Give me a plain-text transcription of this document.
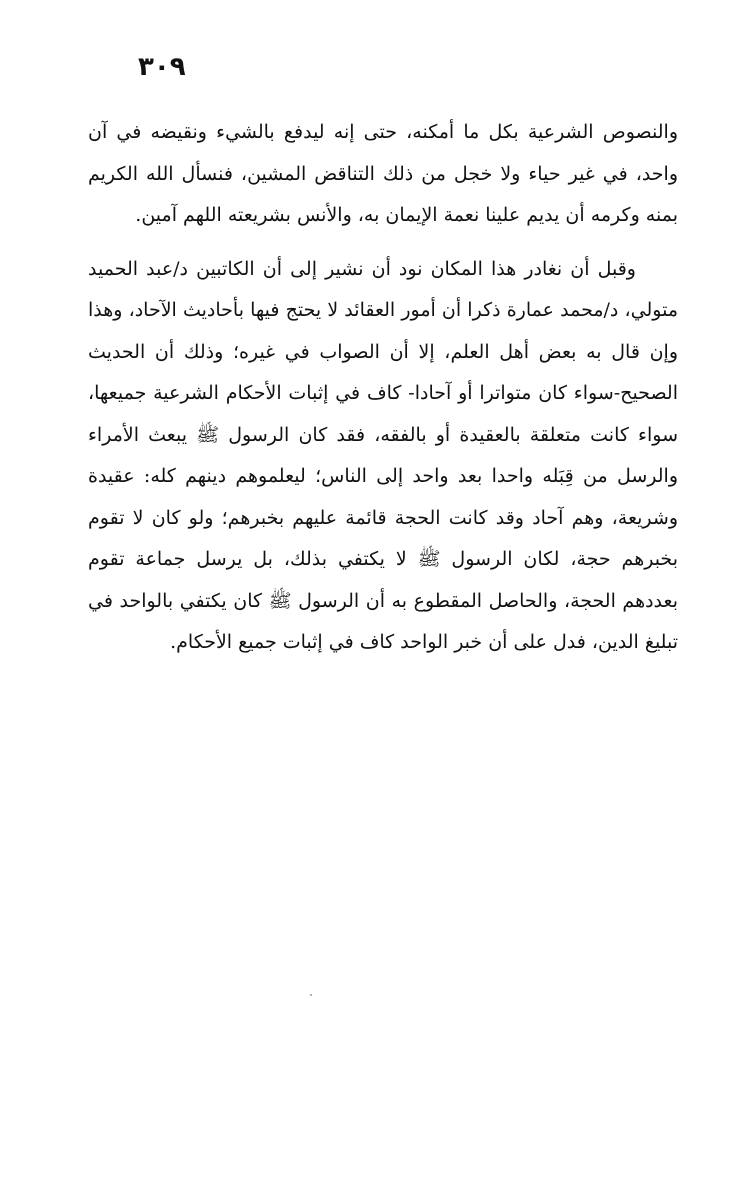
٣٠٩

والنصوص الشرعية بكل ما أمكنه، حتى إنه ليدفع بالشيء ونقيضه في آن واحد، في غير حياء ولا خجل من ذلك التناقض المشين، فنسأل الله الكريم بمنه وكرمه أن يديم علينا نعمة الإيمان به، والأنس بشريعته اللهم آمين.

وقبل أن نغادر هذا المكان نود أن نشير إلى أن الكاتبين د/عبد الحميد متولي، د/محمد عمارة ذكرا أن أمور العقائد لا يحتج فيها بأحاديث الآحاد، وهذا وإن قال به بعض أهل العلم، إلا أن الصواب في غيره؛ وذلك أن الحديث الصحيح-سواء كان متواترا أو آحادا- كاف في إثبات الأحكام الشرعية جميعها، سواء كانت متعلقة بالعقيدة أو بالفقه، فقد كان الرسول ﷺ يبعث الأمراء والرسل من قِبَله واحدا بعد واحد إلى الناس؛ ليعلموهم دينهم كله: عقيدة وشريعة، وهم آحاد وقد كانت الحجة قائمة عليهم بخبرهم؛ ولو كان لا تقوم بخبرهم حجة، لكان الرسول ﷺ لا يكتفي بذلك، بل يرسل جماعة تقوم بعددهم الحجة، والحاصل المقطوع به أن الرسول ﷺ كان يكتفي بالواحد في تبليغ الدين، فدل على أن خبر الواحد كاف في إثبات جميع الأحكام.
